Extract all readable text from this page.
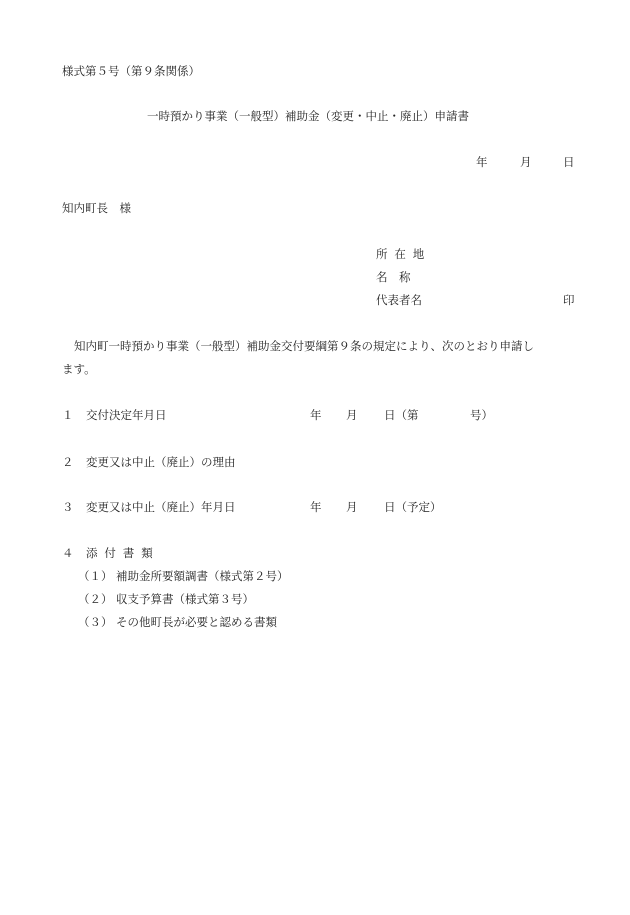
様式第５号（第９条関係）
一時預かり事業（一般型）補助金（変更・中止・廃止）申請書
年	月	日
知内町長　様
所在地
名　称
代表者名	印
知内町一時預かり事業（一般型）補助金交付要綱第９条の規定により、次のとおり申請し
ます。
１ 交付決定年月日	年 月 日（第	号）
２ 変更又は中止（廃止）の理由
３ 変更又は中止（廃止）年月日	年 月 日（予定）
４ 添付書類
（１） 補助金所要額調書（様式第２号）
（２） 収支予算書（様式第３号）
（３） その他町長が必要と認める書類
